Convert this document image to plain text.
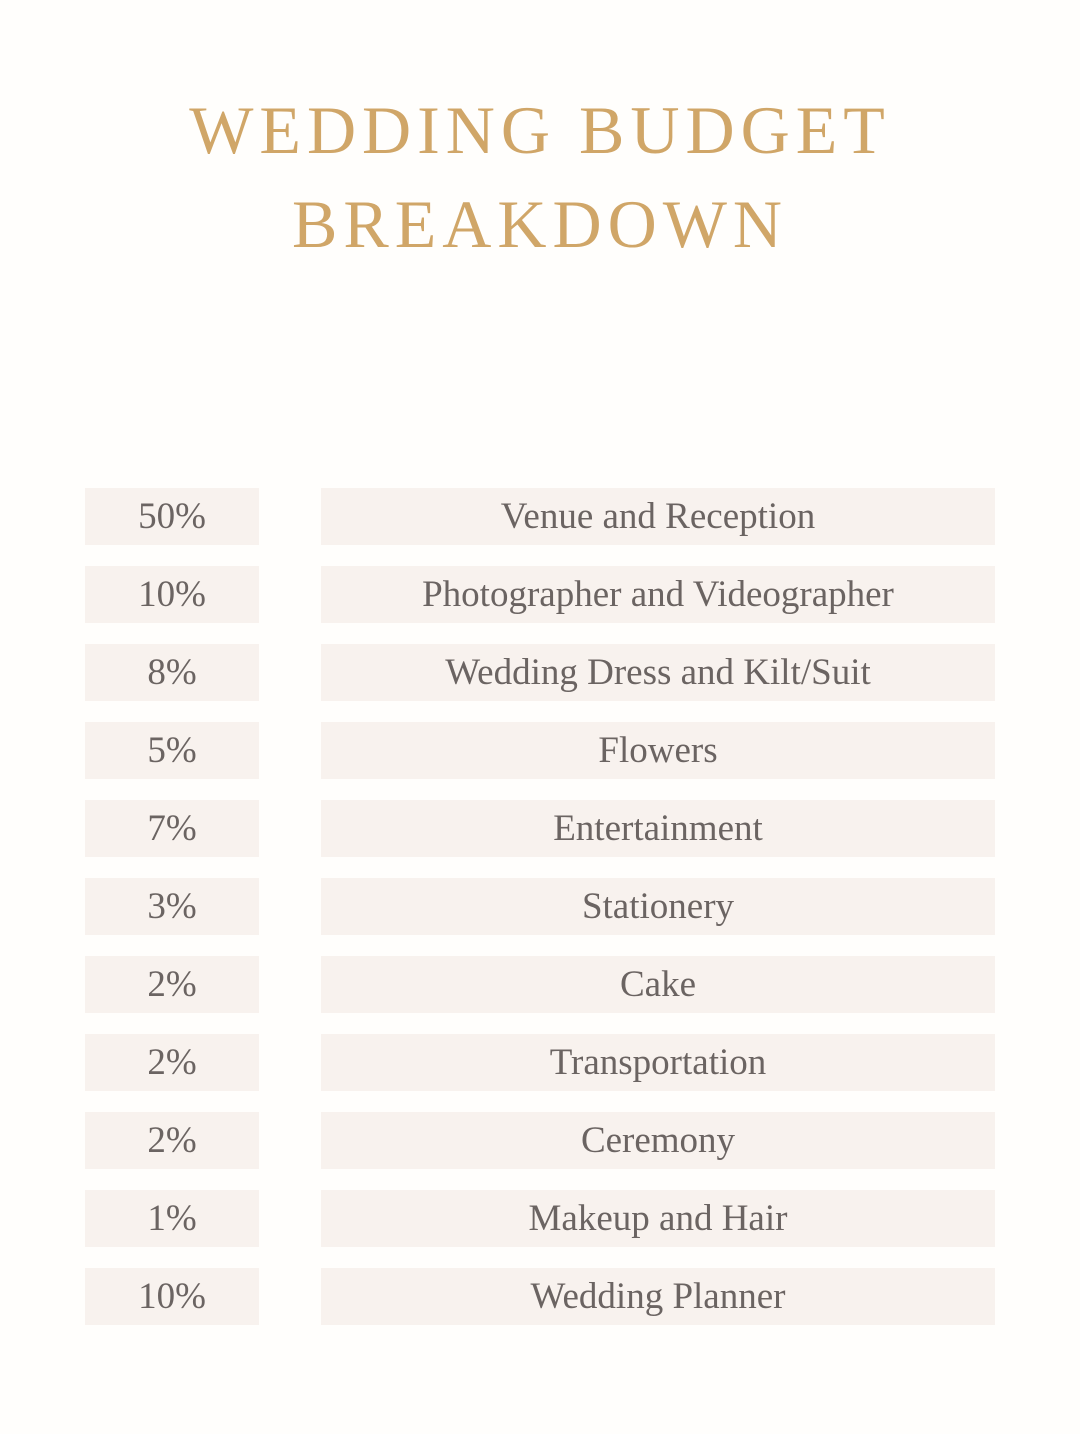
WEDDING BUDGET
BREAKDOWN
50%	Venue and Reception
10%	Photographer and Videographer
8%	Wedding Dress and Kilt/Suit
5%	Flowers
7%	Entertainment
3%	Stationery
2%	Cake
2%	Transportation
2%	Ceremony
1%	Makeup and Hair
10%	Wedding Planner
